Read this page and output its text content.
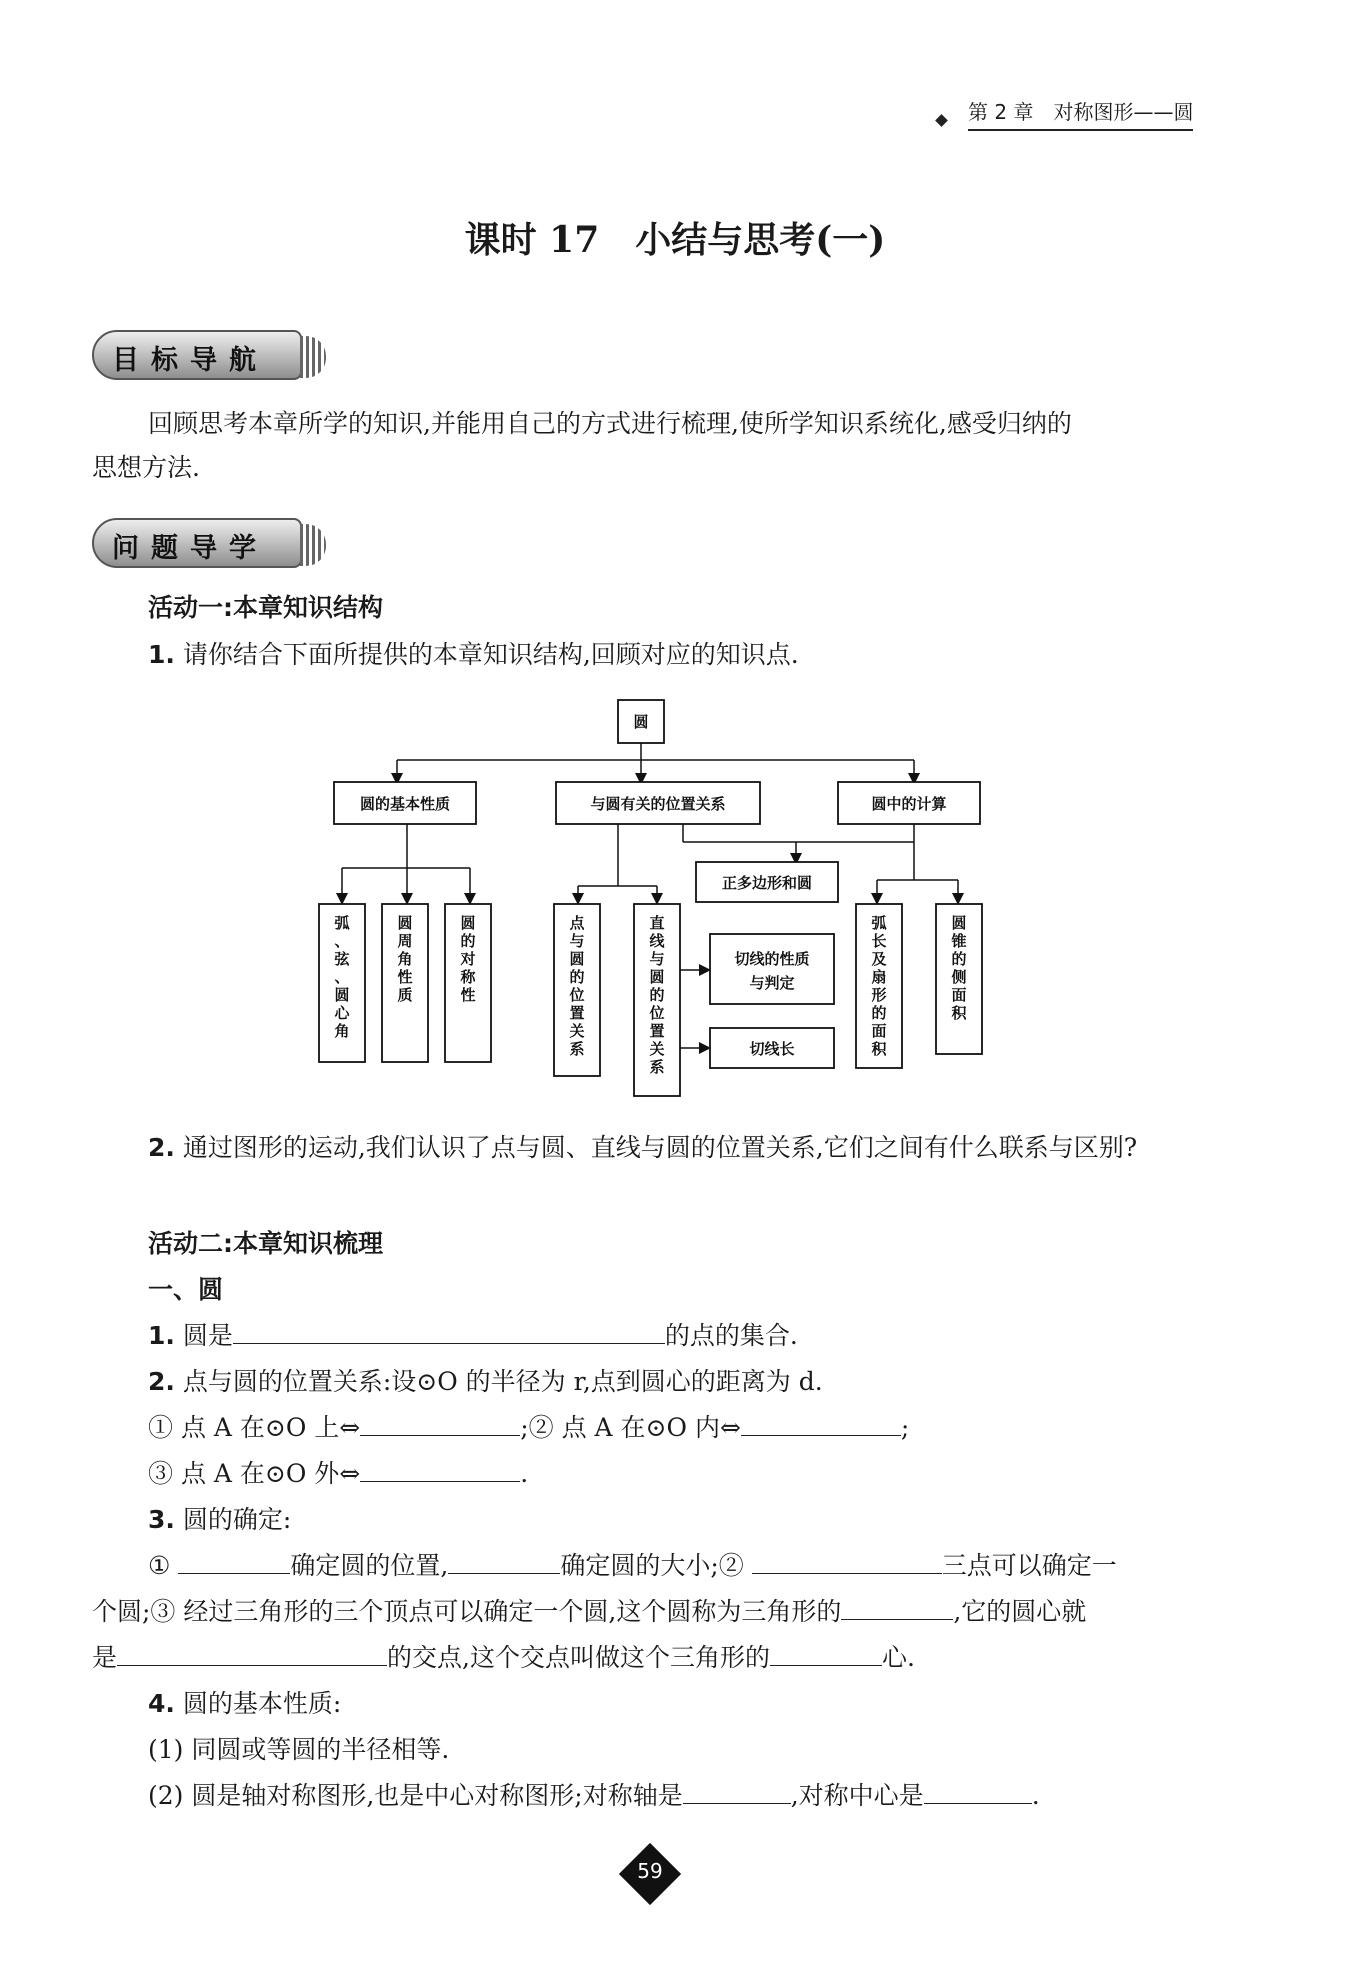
第 2 章　对称图形——圆
课时 17　小结与思考(一)
目标导航
回顾思考本章所学的知识,并能用自己的方式进行梳理,使所学知识系统化,感受归纳的
思想方法.
问题导学
活动一:本章知识结构
1. 请你结合下面所提供的本章知识结构,回顾对应的知识点.
圆
圆的基本性质	与圆有关的位置关系	圆中的计算
正多边形和圆
弧、弦、圆心角
圆周角性质
圆的对称性
点与圆的位置关系
直线与圆的位置关系
切线的性质
与判定
切线长
弧长及扇形的面积
圆锥的侧面积
2. 通过图形的运动,我们认识了点与圆、直线与圆的位置关系,它们之间有什么联系与区别?
活动二:本章知识梳理
一、圆
1. 圆是	的点的集合.
2. 点与圆的位置关系:设⊙O 的半径为 r,点到圆心的距离为 d.
① 点 A 在⊙O 上⇔	;② 点 A 在⊙O 内⇔	;
③ 点 A 在⊙O 外⇔	.
3. 圆的确定:
①	确定圆的位置,	确定圆的大小;②	三点可以确定一
个圆;③ 经过三角形的三个顶点可以确定一个圆,这个圆称为三角形的	,它的圆心就
是	的交点,这个交点叫做这个三角形的	心.
4. 圆的基本性质:
(1) 同圆或等圆的半径相等.
(2) 圆是轴对称图形,也是中心对称图形;对称轴是	,对称中心是	.
59
